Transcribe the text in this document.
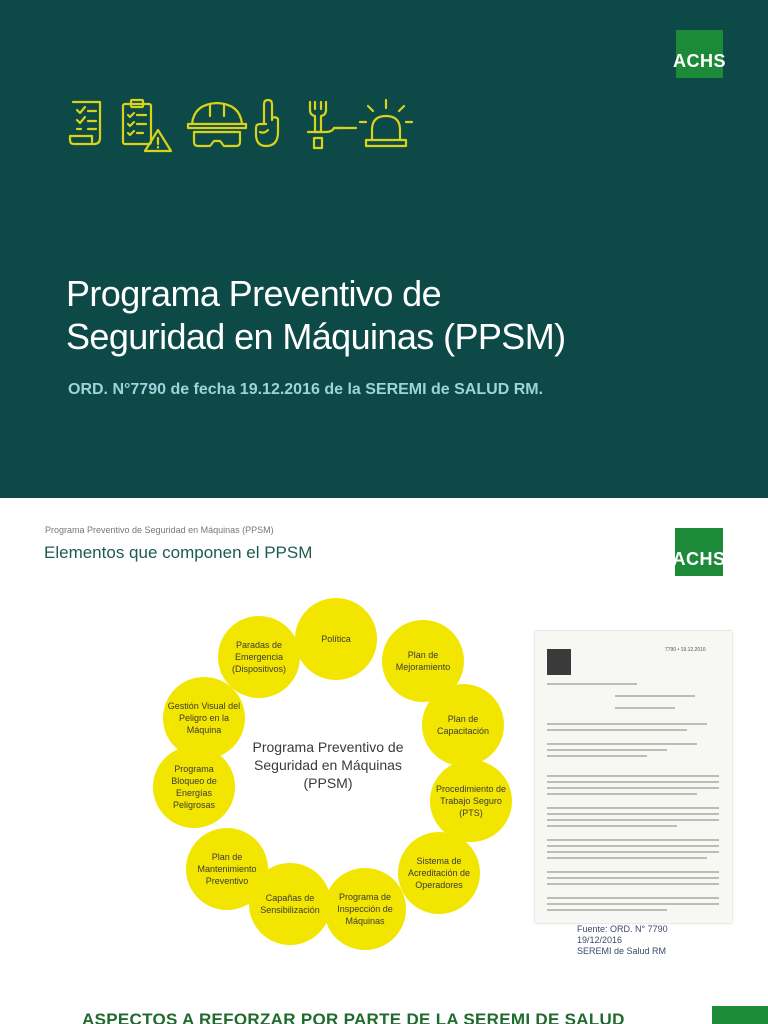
ACHS
Programa Preventivo de
Seguridad en Máquinas (PPSM)
ORD. N°7790 de fecha 19.12.2016 de la SEREMI de SALUD RM.
Programa Preventivo de Seguridad en Máquinas (PPSM)
Elementos que componen el PPSM	ACHS
Programa Preventivo de Seguridad en Máquinas (PPSM)
Política
Plan de Mejoramiento
Plan de Capacitación
Procedimiento de Trabajo Seguro (PTS)
Sistema de Acreditación de Operadores
Programa de Inspección de Máquinas
Capañas de Sensibilización
Plan de Mantenimiento Preventivo
Programa Bloqueo de Energías Peligrosas
Gestión Visual del Peligro en la Máquina
Paradas de Emergencia (Dispositivos)
7790 • 19.12.2016
Fuente: ORD. N° 7790
19/12/2016
SEREMI de Salud RM
ASPECTOS A REFORZAR POR PARTE DE LA SEREMI DE SALUD
